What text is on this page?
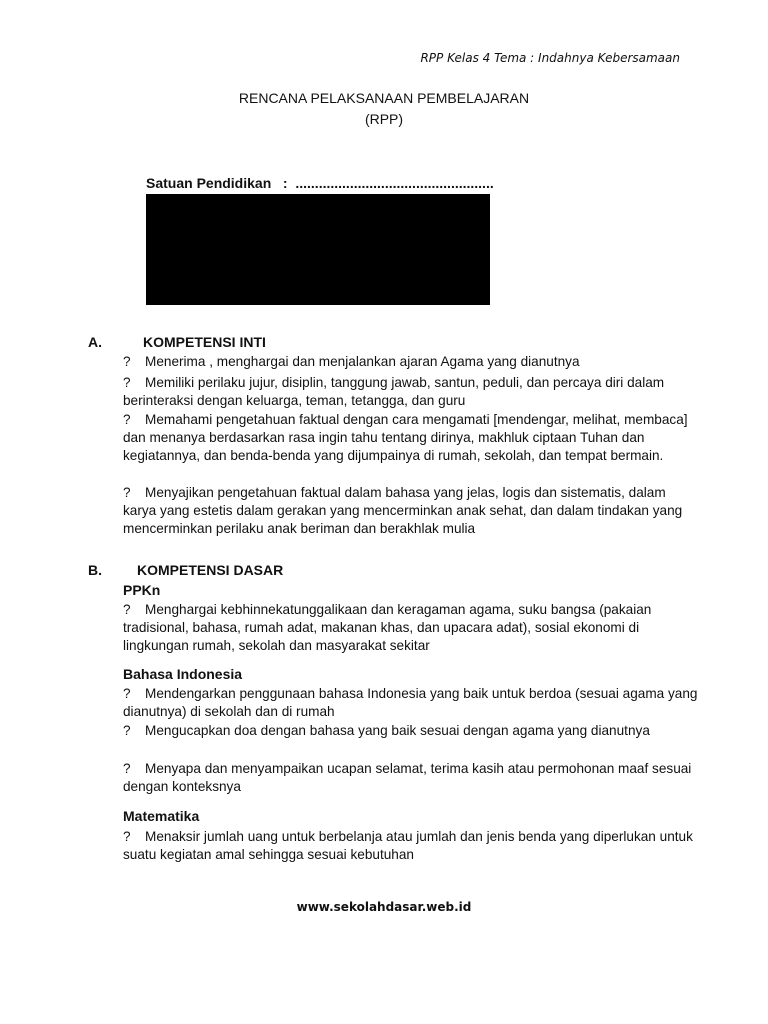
RPP Kelas 4 Tema : Indahnya Kebersamaan
RENCANA PELAKSANAAN PEMBELAJARAN
(RPP)
Satuan Pendidikan   :  ...................................................
A.	KOMPETENSI INTI
? Menerima , menghargai dan menjalankan ajaran Agama yang dianutnya
? Memiliki perilaku jujur, disiplin, tanggung jawab, santun, peduli, dan percaya diri dalam berinteraksi dengan keluarga, teman, tetangga, dan guru
? Memahami pengetahuan faktual dengan cara mengamati [mendengar, melihat, membaca] dan menanya berdasarkan rasa ingin tahu tentang dirinya, makhluk ciptaan Tuhan dan kegiatannya, dan benda-benda yang dijumpainya di rumah, sekolah, dan tempat bermain.
? Menyajikan pengetahuan faktual dalam bahasa yang jelas, logis dan sistematis, dalam karya yang estetis dalam gerakan yang mencerminkan anak sehat, dan dalam tindakan yang mencerminkan perilaku anak beriman dan berakhlak mulia
B.	KOMPETENSI DASAR
PPKn
? Menghargai kebhinnekatunggalikaan dan keragaman agama, suku bangsa (pakaian tradisional, bahasa, rumah adat, makanan khas, dan upacara adat), sosial ekonomi di lingkungan rumah, sekolah dan masyarakat sekitar
Bahasa Indonesia
? Mendengarkan penggunaan bahasa Indonesia yang baik untuk berdoa (sesuai agama yang dianutnya) di sekolah dan di rumah
? Mengucapkan doa dengan bahasa yang baik sesuai dengan agama yang dianutnya
? Menyapa dan menyampaikan ucapan selamat, terima kasih atau permohonan maaf sesuai dengan konteksnya
Matematika
? Menaksir jumlah uang untuk berbelanja atau jumlah dan jenis benda yang diperlukan untuk suatu kegiatan amal sehingga sesuai kebutuhan
www.sekolahdasar.web.id
